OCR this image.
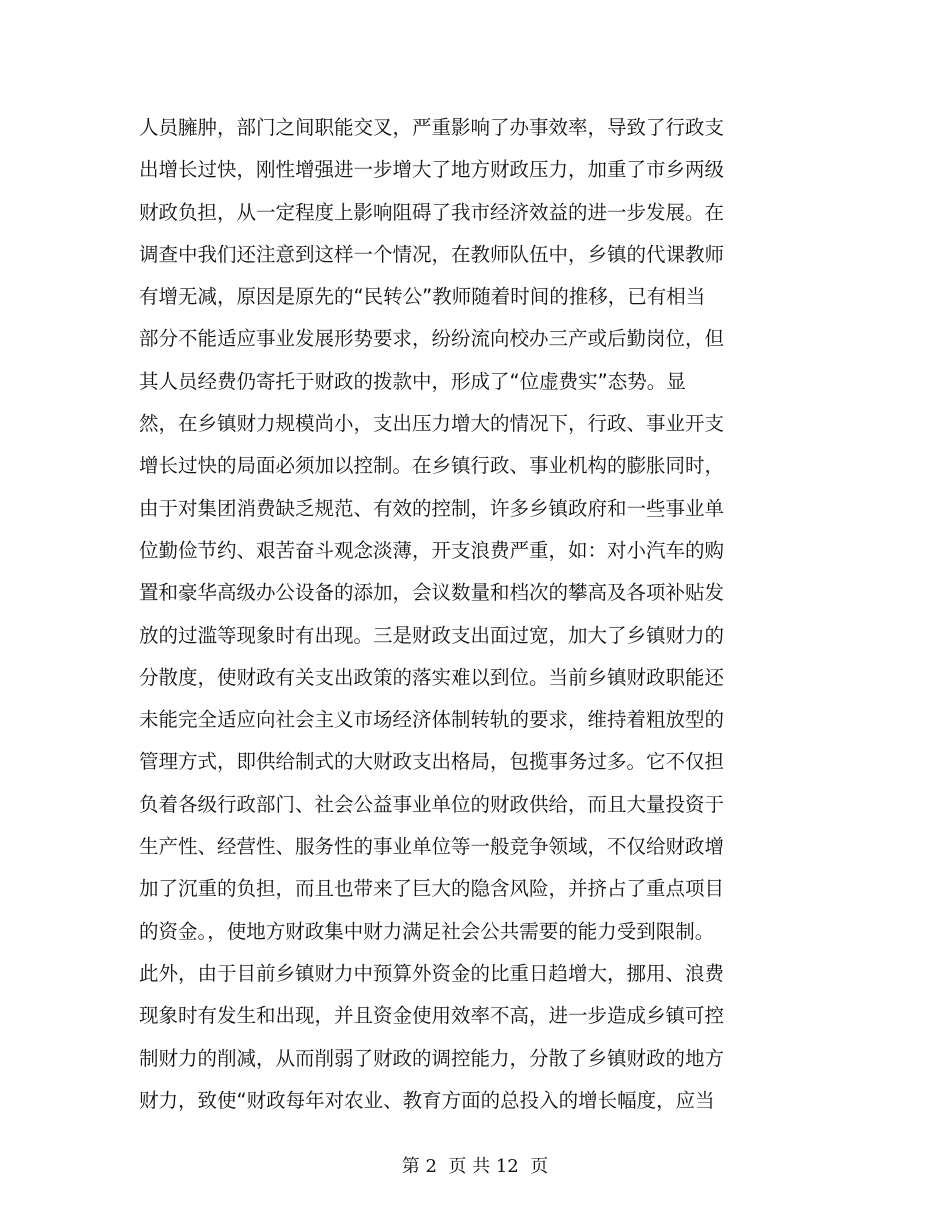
人员臃肿，部门之间职能交叉，严重影响了办事效率，导致了行政支
出增长过快，刚性增强进一步增大了地方财政压力，加重了市乡两级
财政负担，从一定程度上影响阻碍了我市经济效益的进一步发展。在
调查中我们还注意到这样一个情况，在教师队伍中，乡镇的代课教师
有增无减，原因是原先的“民转公”教师随着时间的推移，已有相当
部分不能适应事业发展形势要求，纷纷流向校办三产或后勤岗位，但
其人员经费仍寄托于财政的拨款中，形成了“位虚费实”态势。显
然，在乡镇财力规模尚小，支出压力增大的情况下，行政、事业开支
增长过快的局面必须加以控制。在乡镇行政、事业机构的膨胀同时，
由于对集团消费缺乏规范、有效的控制，许多乡镇政府和一些事业单
位勤俭节约、艰苦奋斗观念淡薄，开支浪费严重，如：对小汽车的购
置和豪华高级办公设备的添加，会议数量和档次的攀高及各项补贴发
放的过滥等现象时有出现。三是财政支出面过宽，加大了乡镇财力的
分散度，使财政有关支出政策的落实难以到位。当前乡镇财政职能还
未能完全适应向社会主义市场经济体制转轨的要求，维持着粗放型的
管理方式，即供给制式的大财政支出格局，包揽事务过多。它不仅担
负着各级行政部门、社会公益事业单位的财政供给，而且大量投资于
生产性、经营性、服务性的事业单位等一般竞争领域，不仅给财政增
加了沉重的负担，而且也带来了巨大的隐含风险，并挤占了重点项目
的资金。，使地方财政集中财力满足社会公共需要的能力受到限制。
此外，由于目前乡镇财力中预算外资金的比重日趋增大，挪用、浪费
现象时有发生和出现，并且资金使用效率不高，进一步造成乡镇可控
制财力的削减，从而削弱了财政的调控能力，分散了乡镇财政的地方
财力，致使“财政每年对农业、教育方面的总投入的增长幅度，应当
第 2  页 共 12  页
